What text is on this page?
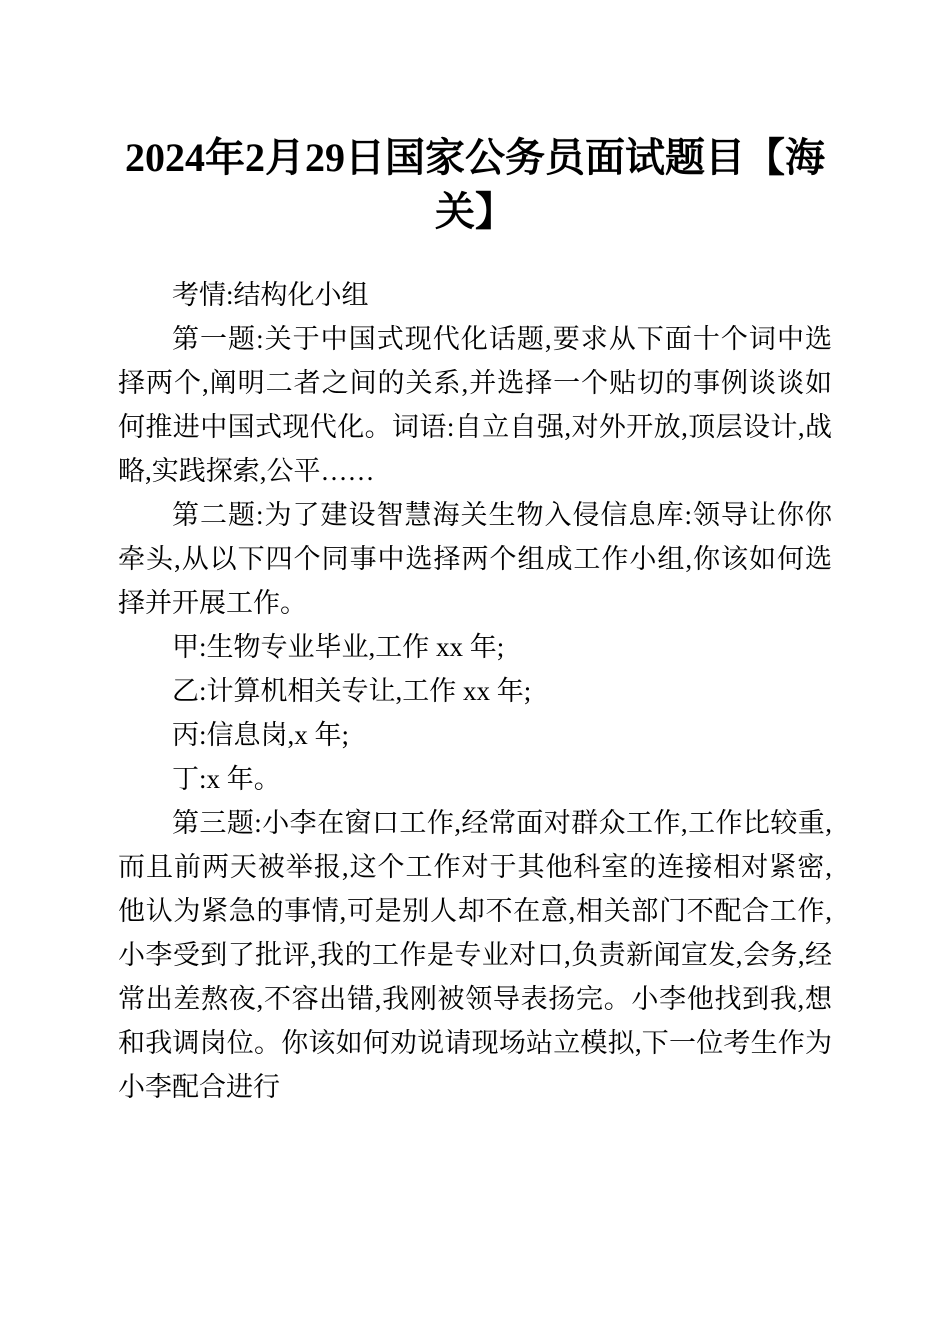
2024年2月29日国家公务员面试题目【海
关】

考情:结构化小组

第一题:关于中国式现代化话题,要求从下面十个词中选择两个,阐明二者之间的关系,并选择一个贴切的事例谈谈如何推进中国式现代化。词语:自立自强,对外开放,顶层设计,战略,实践探索,公平……

第二题:为了建设智慧海关生物入侵信息库:领导让你你牵头,从以下四个同事中选择两个组成工作小组,你该如何选择并开展工作。

甲:生物专业毕业,工作 xx 年;

乙:计算机相关专让,工作 xx 年;

丙:信息岗,x 年;

丁:x 年。

第三题:小李在窗口工作,经常面对群众工作,工作比较重,而且前两天被举报,这个工作对于其他科室的连接相对紧密,他认为紧急的事情,可是别人却不在意,相关部门不配合工作,小李受到了批评,我的工作是专业对口,负责新闻宣发,会务,经常出差熬夜,不容出错,我刚被领导表扬完。小李他找到我,想和我调岗位。你该如何劝说请现场站立模拟,下一位考生作为小李配合进行
